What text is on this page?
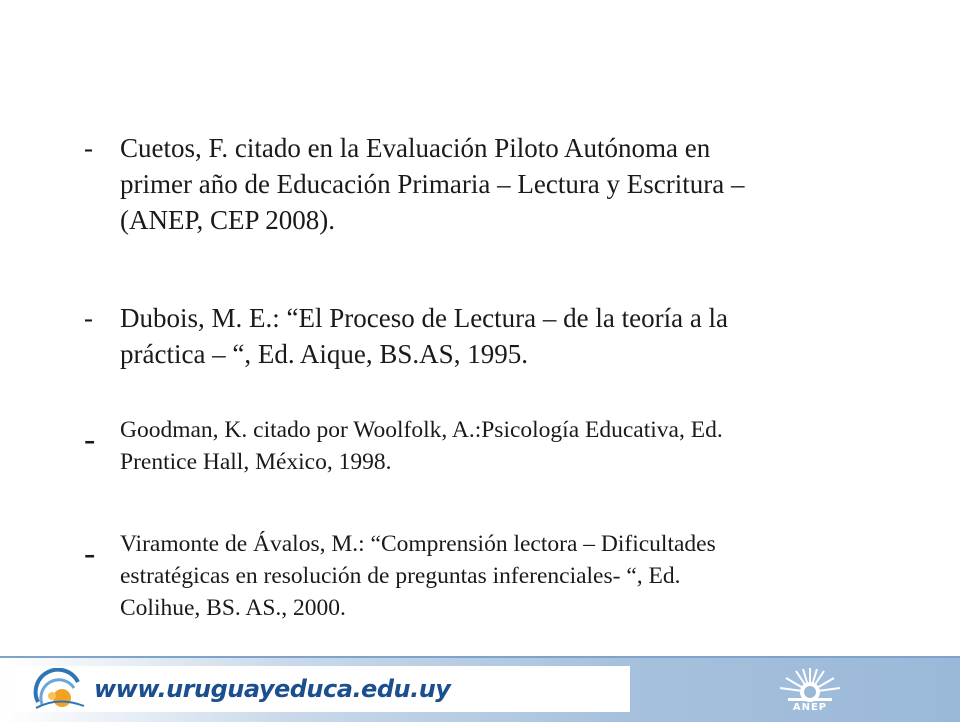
- Cuetos, F. citado en la Evaluación Piloto Autónoma en
primer año de Educación Primaria – Lectura y Escritura –
(ANEP, CEP 2008).
- Dubois, M. E.: “El Proceso de Lectura – de la teoría a la
práctica – “, Ed. Aique, BS.AS, 1995.
- Goodman, K. citado por Woolfolk, A.:Psicología Educativa, Ed.
Prentice Hall, México, 1998.
- Viramonte de Ávalos, M.: “Comprensión lectora – Dificultades
estratégicas en resolución de preguntas inferenciales- “, Ed.
Colihue, BS. AS., 2000.
www.uruguayeduca.edu.uy
ANEP
